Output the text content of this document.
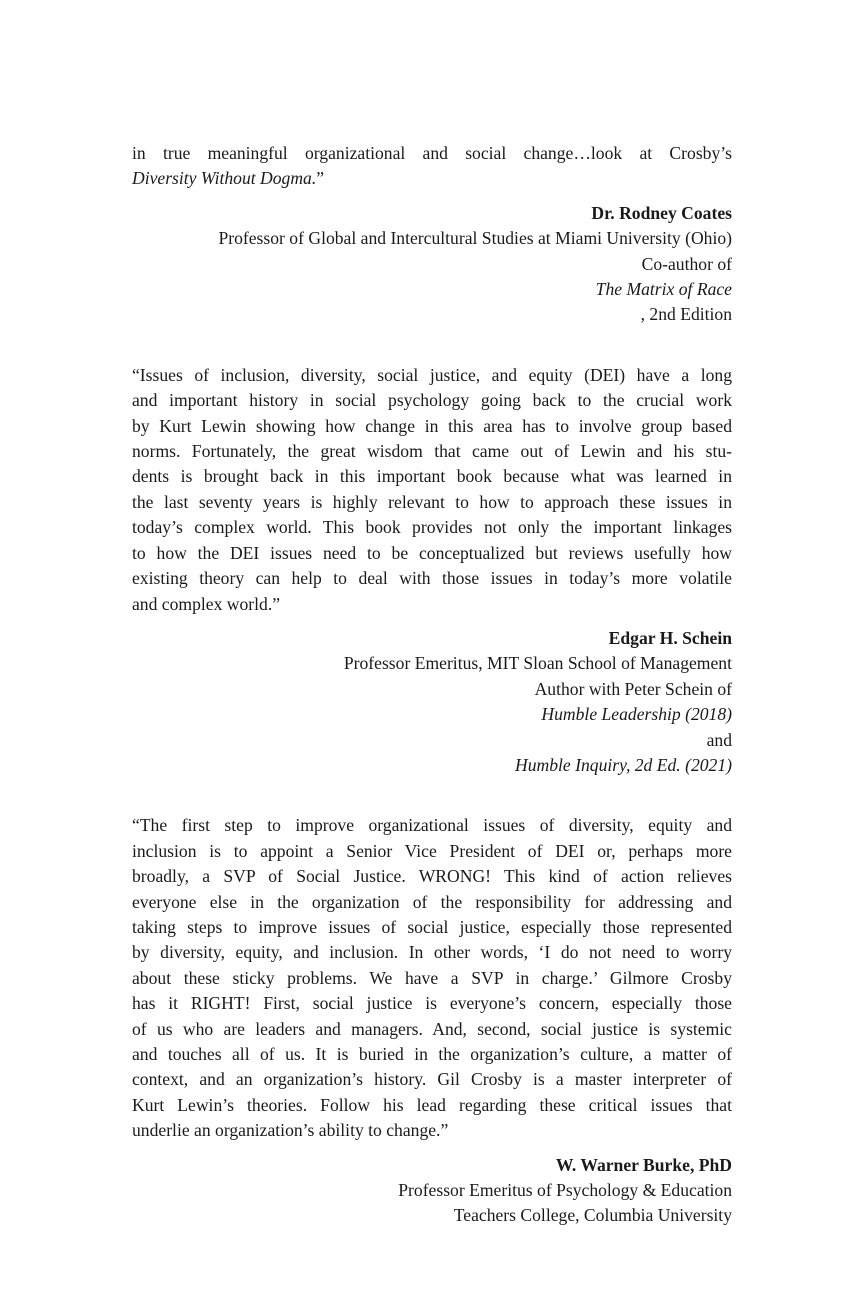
in true meaningful organizational and social change…look at Crosby’s
Diversity Without Dogma.”
Dr. Rodney Coates
Professor of Global and Intercultural Studies at Miami University (Ohio)
Co-author of
The Matrix of Race
, 2nd Edition
“Issues of inclusion, diversity, social justice, and equity (DEI) have a long
and important history in social psychology going back to the crucial work
by Kurt Lewin showing how change in this area has to involve group based
norms. Fortunately, the great wisdom that came out of Lewin and his stu-
dents is brought back in this important book because what was learned in
the last seventy years is highly relevant to how to approach these issues in
today’s complex world. This book provides not only the important linkages
to how the DEI issues need to be conceptualized but reviews usefully how
existing theory can help to deal with those issues in today’s more volatile
and complex world.”
Edgar H. Schein
Professor Emeritus, MIT Sloan School of Management
Author with Peter Schein of
Humble Leadership (2018)
and
Humble Inquiry, 2d Ed. (2021)
“The first step to improve organizational issues of diversity, equity and
inclusion is to appoint a Senior Vice President of DEI or, perhaps more
broadly, a SVP of Social Justice. WRONG! This kind of action relieves
everyone else in the organization of the responsibility for addressing and
taking steps to improve issues of social justice, especially those represented
by diversity, equity, and inclusion. In other words, ‘I do not need to worry
about these sticky problems. We have a SVP in charge.’ Gilmore Crosby
has it RIGHT! First, social justice is everyone’s concern, especially those
of us who are leaders and managers. And, second, social justice is systemic
and touches all of us. It is buried in the organization’s culture, a matter of
context, and an organization’s history. Gil Crosby is a master interpreter of
Kurt Lewin’s theories. Follow his lead regarding these critical issues that
underlie an organization’s ability to change.”
W. Warner Burke, PhD
Professor Emeritus of Psychology & Education
Teachers College, Columbia University
